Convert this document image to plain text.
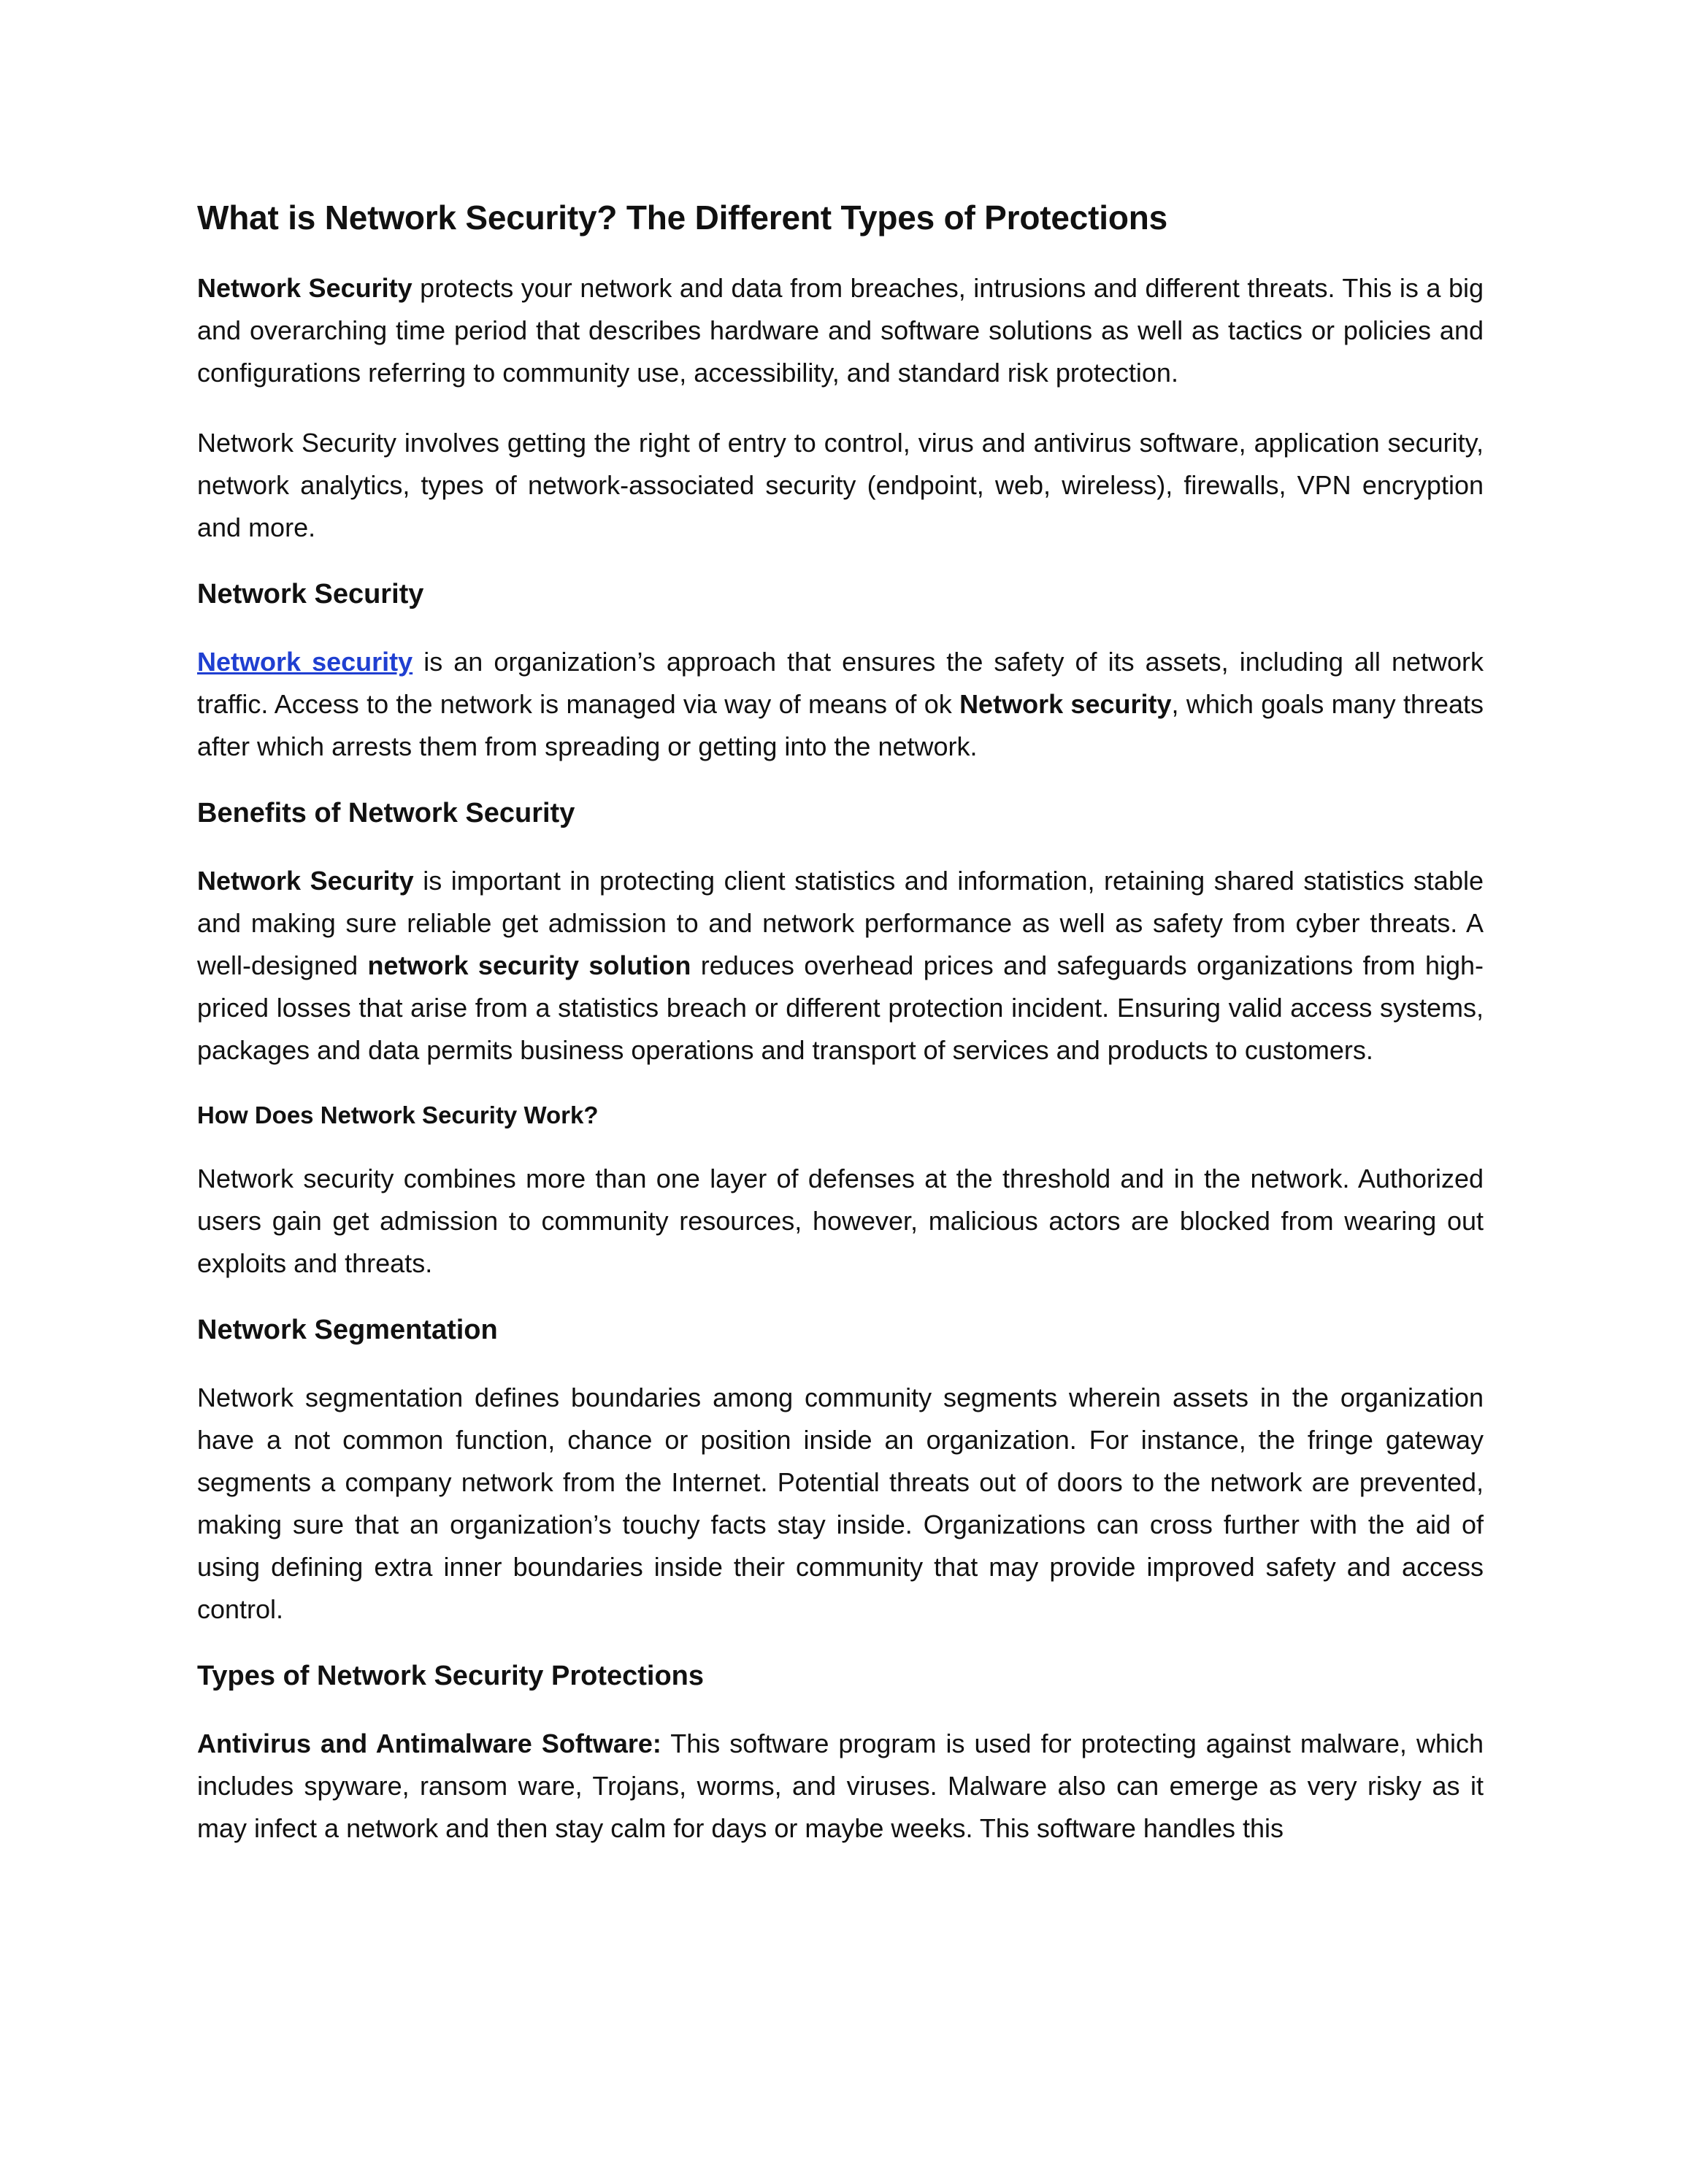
What is Network Security? The Different Types of Protections

Network Security protects your network and data from breaches, intrusions and different threats. This is a big and overarching time period that describes hardware and software solutions as well as tactics or policies and configurations referring to community use, accessibility, and standard risk protection.

Network Security involves getting the right of entry to control, virus and antivirus software, application security, network analytics, types of network-associated security (endpoint, web, wireless), firewalls, VPN encryption and more.

Network Security

Network security is an organization’s approach that ensures the safety of its assets, including all network traffic. Access to the network is managed via way of means of ok Network security, which goals many threats after which arrests them from spreading or getting into the network.

Benefits of Network Security

Network Security is important in protecting client statistics and information, retaining shared statistics stable and making sure reliable get admission to and network performance as well as safety from cyber threats. A well-designed network security solution reduces overhead prices and safeguards organizations from high-priced losses that arise from a statistics breach or different protection incident. Ensuring valid access systems, packages and data permits business operations and transport of services and products to customers.

How Does Network Security Work?

Network security combines more than one layer of defenses at the threshold and in the network. Authorized users gain get admission to community resources, however, malicious actors are blocked from wearing out exploits and threats.

Network Segmentation

Network segmentation defines boundaries among community segments wherein assets in the organization have a not common function, chance or position inside an organization. For instance, the fringe gateway segments a company network from the Internet. Potential threats out of doors to the network are prevented, making sure that an organization’s touchy facts stay inside. Organizations can cross further with the aid of using defining extra inner boundaries inside their community that may provide improved safety and access control.

Types of Network Security Protections

Antivirus and Antimalware Software: This software program is used for protecting against malware, which includes spyware, ransom ware, Trojans, worms, and viruses. Malware also can emerge as very risky as it may infect a network and then stay calm for days or maybe weeks. This software handles this
